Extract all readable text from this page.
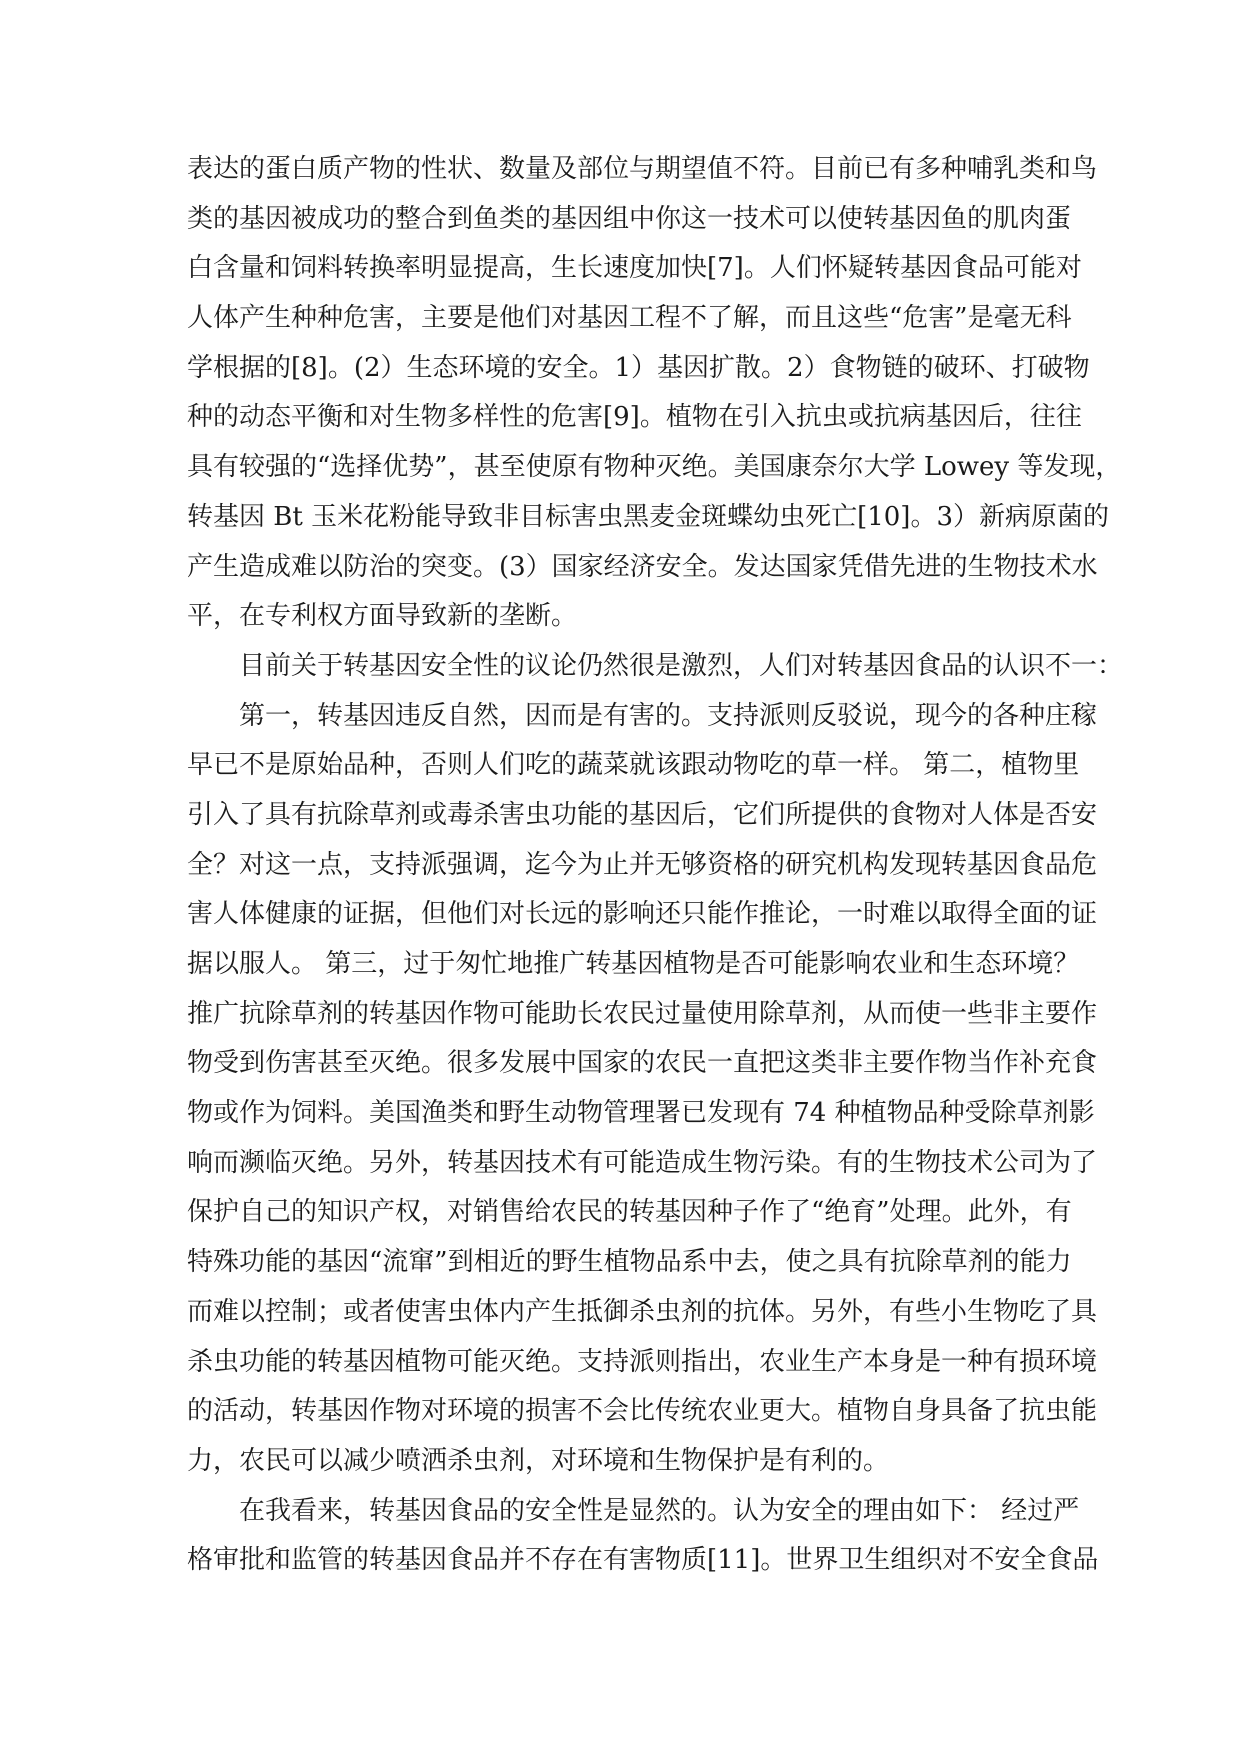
表达的蛋白质产物的性状、数量及部位与期望值不符。目前已有多种哺乳类和鸟
类的基因被成功的整合到鱼类的基因组中你这一技术可以使转基因鱼的肌肉蛋
白含量和饲料转换率明显提高，生长速度加快[7]。人们怀疑转基因食品可能对
人体产生种种危害，主要是他们对基因工程不了解，而且这些“危害”是毫无科
学根据的[8]。(2）生态环境的安全。1）基因扩散。2）食物链的破环、打破物
种的动态平衡和对生物多样性的危害[9]。植物在引入抗虫或抗病基因后，往往
具有较强的“选择优势”，甚至使原有物种灭绝。美国康奈尔大学 Lowey 等发现，
转基因 Bt 玉米花粉能导致非目标害虫黑麦金斑蝶幼虫死亡[10]。3）新病原菌的
产生造成难以防治的突变。(3）国家经济安全。发达国家凭借先进的生物技术水
平，在专利权方面导致新的垄断。
目前关于转基因安全性的议论仍然很是激烈，人们对转基因食品的认识不一：
第一，转基因违反自然，因而是有害的。支持派则反驳说，现今的各种庄稼
早已不是原始品种，否则人们吃的蔬菜就该跟动物吃的草一样。 第二，植物里
引入了具有抗除草剂或毒杀害虫功能的基因后，它们所提供的食物对人体是否安
全？对这一点，支持派强调，迄今为止并无够资格的研究机构发现转基因食品危
害人体健康的证据，但他们对长远的影响还只能作推论，一时难以取得全面的证
据以服人。 第三，过于匆忙地推广转基因植物是否可能影响农业和生态环境？
推广抗除草剂的转基因作物可能助长农民过量使用除草剂，从而使一些非主要作
物受到伤害甚至灭绝。很多发展中国家的农民一直把这类非主要作物当作补充食
物或作为饲料。美国渔类和野生动物管理署已发现有 74 种植物品种受除草剂影
响而濒临灭绝。另外，转基因技术有可能造成生物污染。有的生物技术公司为了
保护自己的知识产权，对销售给农民的转基因种子作了“绝育”处理。此外，有
特殊功能的基因“流窜”到相近的野生植物品系中去，使之具有抗除草剂的能力
而难以控制；或者使害虫体内产生抵御杀虫剂的抗体。另外，有些小生物吃了具
杀虫功能的转基因植物可能灭绝。支持派则指出，农业生产本身是一种有损环境
的活动，转基因作物对环境的损害不会比传统农业更大。植物自身具备了抗虫能
力，农民可以减少喷洒杀虫剂，对环境和生物保护是有利的。
在我看来，转基因食品的安全性是显然的。认为安全的理由如下： 经过严
格审批和监管的转基因食品并不存在有害物质[11]。世界卫生组织对不安全食品
